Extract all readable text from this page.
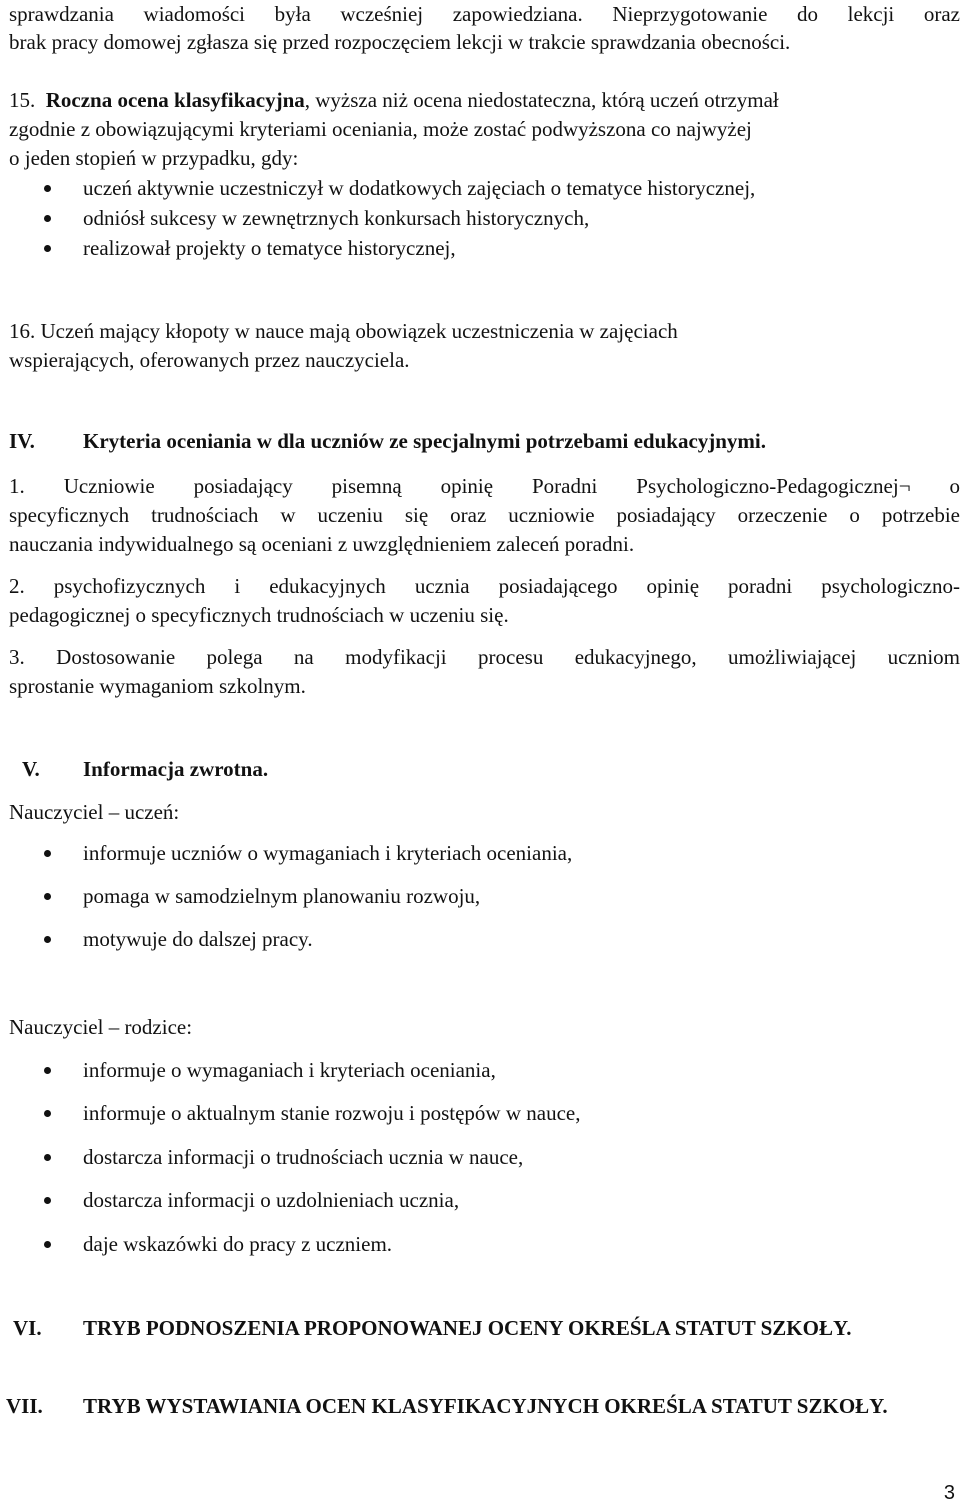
sprawdzania wiadomości była wcześniej zapowiedziana. Nieprzygotowanie do lekcji oraz
brak pracy domowej zgłasza się przed rozpoczęciem lekcji w trakcie sprawdzania obecności.
15. Roczna ocena klasyfikacyjna, wyższa niż ocena niedostateczna, którą uczeń otrzymał
zgodnie z obowiązującymi kryteriami oceniania, może zostać podwyższona co najwyżej
o jeden stopień w przypadku, gdy:
uczeń aktywnie uczestniczył w dodatkowych zajęciach o tematyce historycznej,
odniósł sukcesy w zewnętrznych konkursach historycznych,
realizował projekty o tematyce historycznej,
16. Uczeń mający kłopoty w nauce mają obowiązek uczestniczenia w zajęciach
wspierających, oferowanych przez nauczyciela.
IV. Kryteria oceniania w dla uczniów ze specjalnymi potrzebami edukacyjnymi.
1. Uczniowie posiadający pisemną opinię Poradni Psychologiczno-Pedagogicznej¬ o
specyficznych trudnościach w uczeniu się oraz uczniowie posiadający orzeczenie o potrzebie
nauczania indywidualnego są oceniani z uwzględnieniem zaleceń poradni.
2. psychofizycznych i edukacyjnych ucznia posiadającego opinię poradni psychologiczno-
pedagogicznej o specyficznych trudnościach w uczeniu się.
3. Dostosowanie polega na modyfikacji procesu edukacyjnego, umożliwiającej uczniom
sprostanie wymaganiom szkolnym.
V. Informacja zwrotna.
Nauczyciel – uczeń:
informuje uczniów o wymaganiach i kryteriach oceniania,
pomaga w samodzielnym planowaniu rozwoju,
motywuje do dalszej pracy.
Nauczyciel – rodzice:
informuje o wymaganiach i kryteriach oceniania,
informuje o aktualnym stanie rozwoju i postępów w nauce,
dostarcza informacji o trudnościach ucznia w nauce,
dostarcza informacji o uzdolnieniach ucznia,
daje wskazówki do pracy z uczniem.
VI. TRYB PODNOSZENIA PROPONOWANEJ OCENY OKREŚLA STATUT SZKOŁY.
VII. TRYB WYSTAWIANIA OCEN KLASYFIKACYJNYCH OKREŚLA STATUT SZKOŁY.
3
